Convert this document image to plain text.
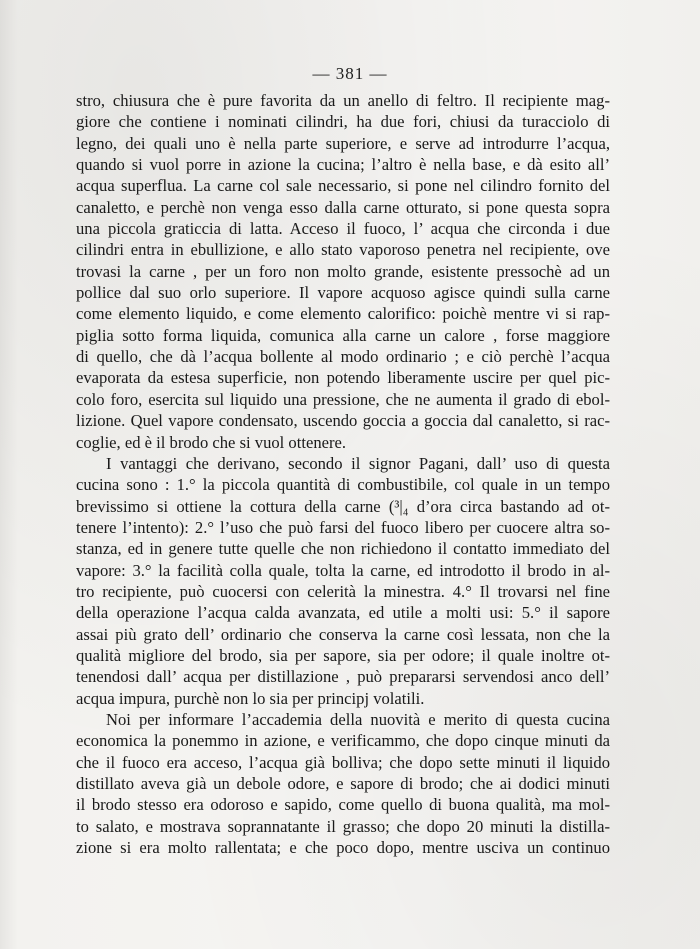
— 381 —
stro, chiusura che è pure favorita da un anello di feltro. Il recipiente mag-
giore che contiene i nominati cilindri, ha due fori, chiusi da turacciolo di
legno, dei quali uno è nella parte superiore, e serve ad introdurre l’acqua,
quando si vuol porre in azione la cucina; l’altro è nella base, e dà esito all’
acqua superflua. La carne col sale necessario, si pone nel cilindro fornito del
canaletto, e perchè non venga esso dalla carne otturato, si pone questa sopra
una piccola graticcia di latta. Acceso il fuoco, l’ acqua che circonda i due
cilindri entra in ebullizione, e allo stato vaporoso penetra nel recipiente, ove
trovasi la carne , per un foro non molto grande, esistente pressochè ad un
pollice dal suo orlo superiore. Il vapore acquoso agisce quindi sulla carne
come elemento liquido, e come elemento calorifico: poichè mentre vi si rap-
piglia sotto forma liquida, comunica alla carne un calore , forse maggiore
di quello, che dà l’acqua bollente al modo ordinario ; e ciò perchè l’acqua
evaporata da estesa superficie, non potendo liberamente uscire per quel pic-
colo foro, esercita sul liquido una pressione, che ne aumenta il grado di ebol-
lizione. Quel vapore condensato, uscendo goccia a goccia dal canaletto, si rac-
coglie, ed è il brodo che si vuol ottenere.
I vantaggi che derivano, secondo il signor Pagani, dall’ uso di questa
cucina sono : 1.° la piccola quantità di combustibile, col quale in un tempo
brevissimo si ottiene la cottura della carne (³|₄ d’ora circa bastando ad ot-
tenere l’intento): 2.° l’uso che può farsi del fuoco libero per cuocere altra so-
stanza, ed in genere tutte quelle che non richiedono il contatto immediato del
vapore: 3.° la facilità colla quale, tolta la carne, ed introdotto il brodo in al-
tro recipiente, può cuocersi con celerità la minestra. 4.° Il trovarsi nel fine
della operazione l’acqua calda avanzata, ed utile a molti usi: 5.° il sapore
assai più grato dell’ ordinario che conserva la carne così lessata, non che la
qualità migliore del brodo, sia per sapore, sia per odore; il quale inoltre ot-
tenendosi dall’ acqua per distillazione , può prepararsi servendosi anco dell’
acqua impura, purchè non lo sia per principj volatili.
Noi per informare l’accademia della nuovità e merito di questa cucina
economica la ponemmo in azione, e verificammo, che dopo cinque minuti da
che il fuoco era acceso, l’acqua già bolliva; che dopo sette minuti il liquido
distillato aveva già un debole odore, e sapore di brodo; che ai dodici minuti
il brodo stesso era odoroso e sapido, come quello di buona qualità, ma mol-
to salato, e mostrava soprannatante il grasso; che dopo 20 minuti la distilla-
zione si era molto rallentata; e che poco dopo, mentre usciva un continuo
